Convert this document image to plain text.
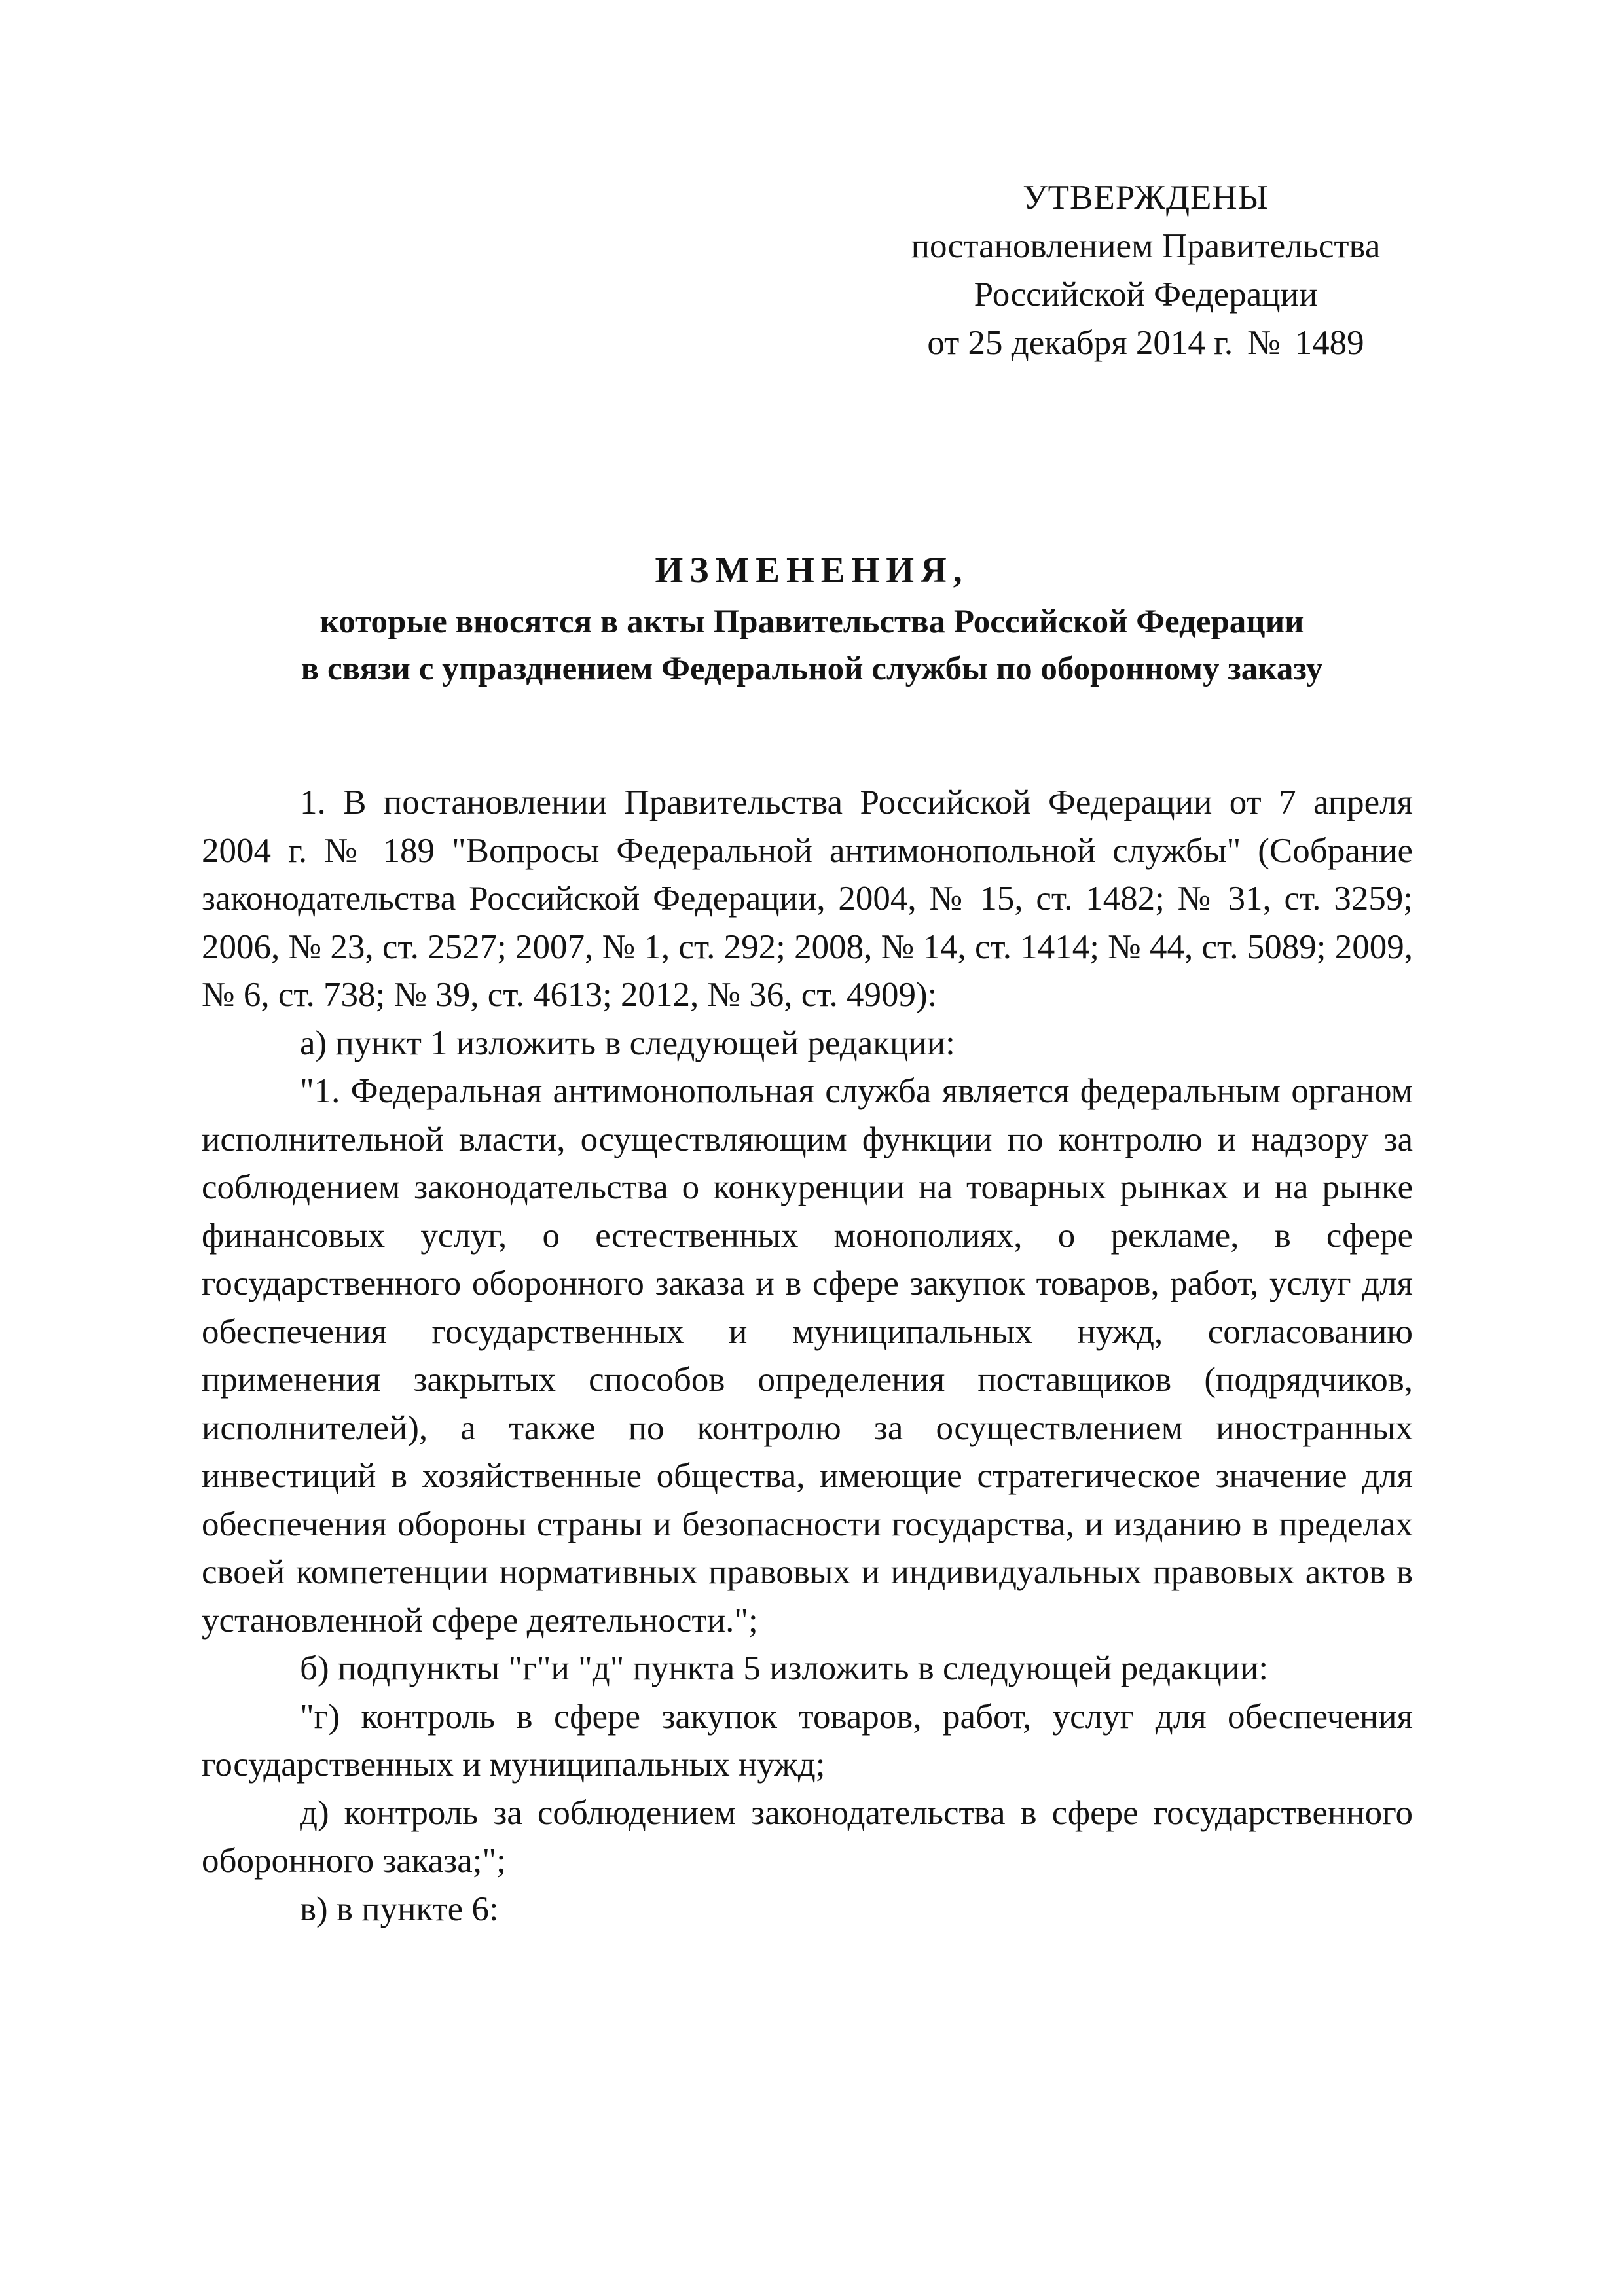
УТВЕРЖДЕНЫ
постановлением Правительства
Российской Федерации
от 25 декабря 2014 г. № 1489
ИЗМЕНЕНИЯ,
которые вносятся в акты Правительства Российской Федерации
в связи с упразднением Федеральной службы по оборонному заказу

1. В постановлении Правительства Российской Федерации от 7 апреля 2004 г. № 189 "Вопросы Федеральной антимонопольной службы" (Собрание законодательства Российской Федерации, 2004, № 15, ст. 1482; № 31, ст. 3259; 2006, № 23, ст. 2527; 2007, № 1, ст. 292; 2008, № 14, ст. 1414; № 44, ст. 5089; 2009, № 6, ст. 738; № 39, ст. 4613; 2012, № 36, ст. 4909):

а) пункт 1 изложить в следующей редакции:

"1. Федеральная антимонопольная служба является федеральным органом исполнительной власти, осуществляющим функции по контролю и надзору за соблюдением законодательства о конкуренции на товарных рынках и на рынке финансовых услуг, о естественных монополиях, о рекламе, в сфере государственного оборонного заказа и в сфере закупок товаров, работ, услуг для обеспечения государственных и муниципальных нужд, согласованию применения закрытых способов определения поставщиков (подрядчиков, исполнителей), а также по контролю за осуществлением иностранных инвестиций в хозяйственные общества, имеющие стратегическое значение для обеспечения обороны страны и безопасности государства, и изданию в пределах своей компетенции нормативных правовых и индивидуальных правовых актов в установленной сфере деятельности.";

б) подпункты "г"и "д" пункта 5 изложить в следующей редакции:

"г) контроль в сфере закупок товаров, работ, услуг для обеспечения государственных и муниципальных нужд;

д) контроль за соблюдением законодательства в сфере государственного оборонного заказа;";

в) в пункте 6:
